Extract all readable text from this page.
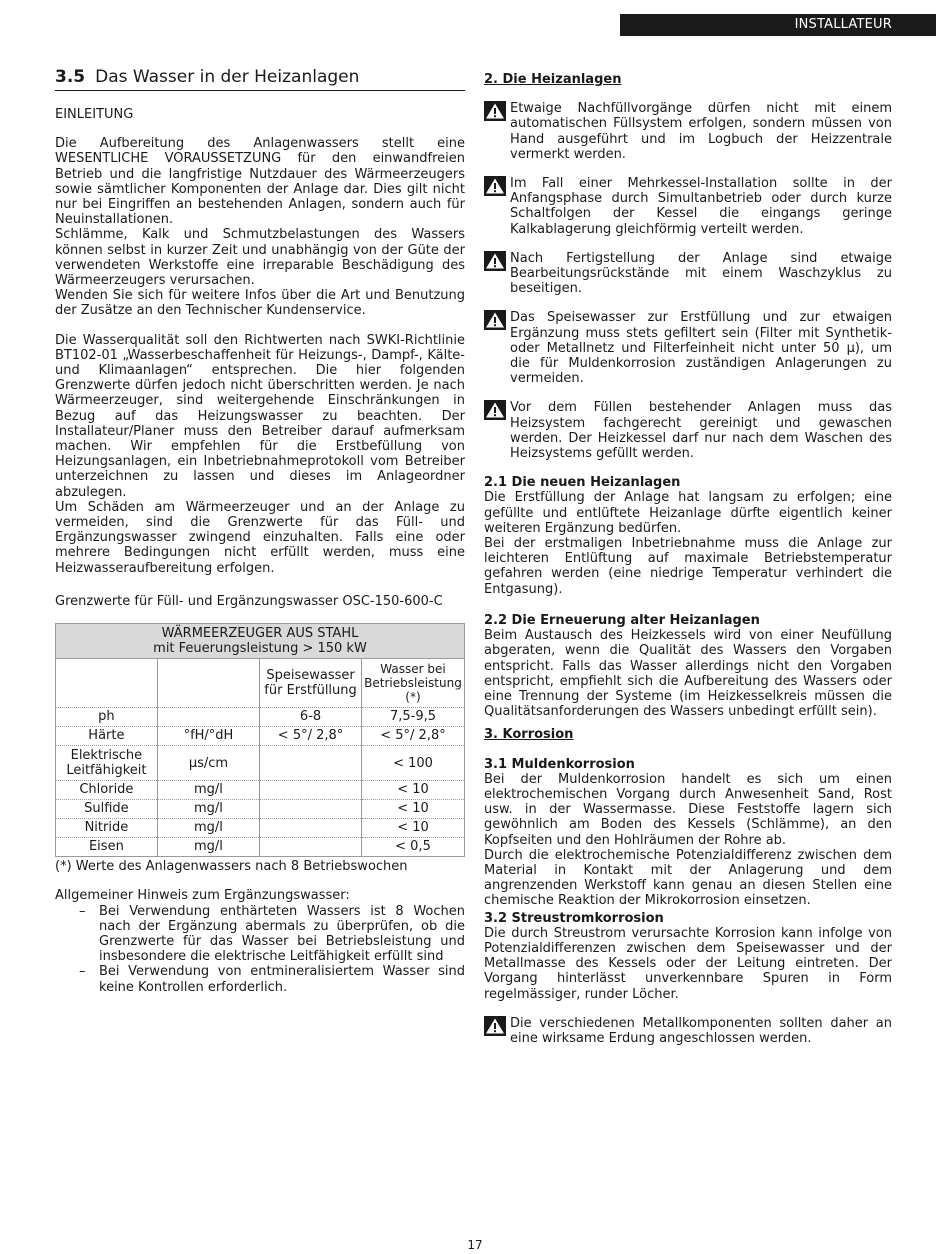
INSTALLATEUR
3.5 Das Wasser in der Heizanlagen
EINLEITUNG

Die Aufbereitung des Anlagenwassers stellt eine WESENTLICHE VORAUSSETZUNG für den einwandfreien Betrieb und die langfristige Nutzdauer des Wärmeerzeugers sowie sämtlicher Komponenten der Anlage dar. Dies gilt nicht nur bei Eingriffen an bestehenden Anlagen, sondern auch für Neuinstallationen.

Schlämme, Kalk und Schmutzbelastungen des Wassers können selbst in kurzer Zeit und unabhängig von der Güte der verwendeten Werkstoffe eine irreparable Beschädigung des Wärmeerzeugers verursachen.

Wenden Sie sich für weitere Infos über die Art und Benutzung der Zusätze an den Technischer Kundenservice.

Die Wasserqualität soll den Richtwerten nach SWKI-Richtlinie BT102-01 „Wasserbeschaffenheit für Heizungs-, Dampf-, Kälte- und Klimaanlagen“ entsprechen. Die hier folgenden Grenzwerte dürfen jedoch nicht überschritten werden. Je nach Wärmeerzeuger, sind weitergehende Einschränkungen in Bezug auf das Heizungswasser zu beachten. Der Installateur/Planer muss den Betreiber darauf aufmerksam machen. Wir empfehlen für die Erstbefüllung von Heizungsanlagen, ein Inbetriebnahmeprotokoll vom Betreiber unterzeichnen zu lassen und dieses im Anlageordner abzulegen.

Um Schäden am Wärmeerzeuger und an der Anlage zu vermeiden, sind die Grenzwerte für das Füll- und Ergänzungswasser zwingend einzuhalten. Falls eine oder mehrere Bedingungen nicht erfüllt werden, muss eine Heizwasseraufbereitung erfolgen.

Grenzwerte für Füll- und Ergänzungswasser OSC-150-600-C
WÄRMEERZEUGER AUS STAHL
mit Feuerungsleistung > 150 kW			

		Speisewasser für Erstfüllung	Wasser bei Betriebsleistung (*)
ph		6-8	7,5-9,5
Härte	°fH/°dH	< 5°/ 2,8°	< 5°/ 2,8°
Elektrische Leitfähigkeit	µs/cm		< 100
Chloride	mg/l		< 10
Sulfide	mg/l		< 10
Nitride	mg/l		< 10
Eisen	mg/l		< 0,5
(*) Werte des Anlagenwassers nach 8 Betriebswochen
Allgemeiner Hinweis zum Ergänzungswasser:
– Bei Verwendung enthärteten Wassers ist 8 Wochen nach der Ergänzung abermals zu überprüfen, ob die Grenzwerte für das Wasser bei Betriebsleistung und insbesondere die elektrische Leitfähigkeit erfüllt sind
– Bei Verwendung von entmineralisiertem Wasser sind keine Kontrollen erforderlich.
2. Die Heizanlagen

Etwaige Nachfüllvorgänge dürfen nicht mit einem automatischen Füllsystem erfolgen, sondern müssen von Hand ausgeführt und im Logbuch der Heizzentrale vermerkt werden.

Im Fall einer Mehrkessel-Installation sollte in der Anfangsphase durch Simultanbetrieb oder durch kurze Schaltfolgen der Kessel die eingangs geringe Kalkablagerung gleichförmig verteilt werden.

Nach Fertigstellung der Anlage sind etwaige Bearbeitungsrückstände mit einem Waschzyklus zu beseitigen.

Das Speisewasser zur Erstfüllung und zur etwaigen Ergänzung muss stets gefiltert sein (Filter mit Synthetik- oder Metallnetz und Filterfeinheit nicht unter 50 µ), um die für Muldenkorrosion zuständigen Anlagerungen zu vermeiden.

Vor dem Füllen bestehender Anlagen muss das Heizsystem fachgerecht gereinigt und gewaschen werden. Der Heizkessel darf nur nach dem Waschen des Heizsystems gefüllt werden.

2.1 Die neuen Heizanlagen

Die Erstfüllung der Anlage hat langsam zu erfolgen; eine gefüllte und entlüftete Heizanlage dürfte eigentlich keiner weiteren Ergänzung bedürfen.

Bei der erstmaligen Inbetriebnahme muss die Anlage zur leichteren Entlüftung auf maximale Betriebstemperatur gefahren werden (eine niedrige Temperatur verhindert die Entgasung).

2.2 Die Erneuerung alter Heizanlagen

Beim Austausch des Heizkessels wird von einer Neufüllung abgeraten, wenn die Qualität des Wassers den Vorgaben entspricht. Falls das Wasser allerdings nicht den Vorgaben entspricht, empfiehlt sich die Aufbereitung des Wassers oder eine Trennung der Systeme (im Heizkesselkreis müssen die Qualitätsanforderungen des Wassers unbedingt erfüllt sein).

3. Korrosion
3.1 Muldenkorrosion

Bei der Muldenkorrosion handelt es sich um einen elektrochemischen Vorgang durch Anwesenheit Sand, Rost usw. in der Wassermasse. Diese Feststoffe lagern sich gewöhnlich am Boden des Kessels (Schlämme), an den Kopfseiten und den Hohlräumen der Rohre ab.

Durch die elektrochemische Potenzialdifferenz zwischen dem Material in Kontakt mit der Anlagerung und dem angrenzenden Werkstoff kann genau an diesen Stellen eine chemische Reaktion der Mikrokorrosion einsetzen.

3.2 Streustromkorrosion

Die durch Streustrom verursachte Korrosion kann infolge von Potenzialdifferenzen zwischen dem Speisewasser und der Metallmasse des Kessels oder der Leitung eintreten. Der Vorgang hinterlässt unverkennbare Spuren in Form regelmässiger, runder Löcher.

Die verschiedenen Metallkomponenten sollten daher an eine wirksame Erdung angeschlossen werden.

17
